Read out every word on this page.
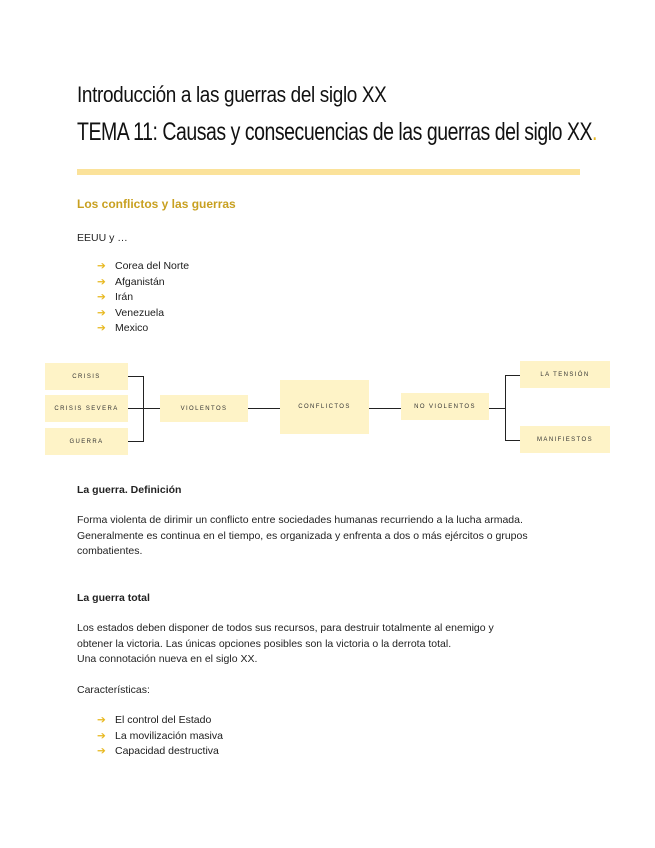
Introducción a las guerras del siglo XX
TEMA 11: Causas y consecuencias de las guerras del siglo XX.
Los conflictos y las guerras
EEUU y …
➔ Corea del Norte
➔ Afganistán
➔ Irán
➔ Venezuela
➔ Mexico
CRISIS
CRISIS SEVERA
GUERRA
VIOLENTOS	CONFLICTOS	NO VIOLENTOS
LA TENSIÓN
MANIFIESTOS
La guerra. Definición
Forma violenta de dirimir un conflicto entre sociedades humanas recurriendo a la lucha armada.
Generalmente es continua en el tiempo, es organizada y enfrenta a dos o más ejércitos o grupos
combatientes.
La guerra total
Los estados deben disponer de todos sus recursos, para destruir totalmente al enemigo y
obtener la victoria. Las únicas opciones posibles son la victoria o la derrota total.
Una connotación nueva en el siglo XX.
Características:
➔ El control del Estado
➔ La movilización masiva
➔ Capacidad destructiva
